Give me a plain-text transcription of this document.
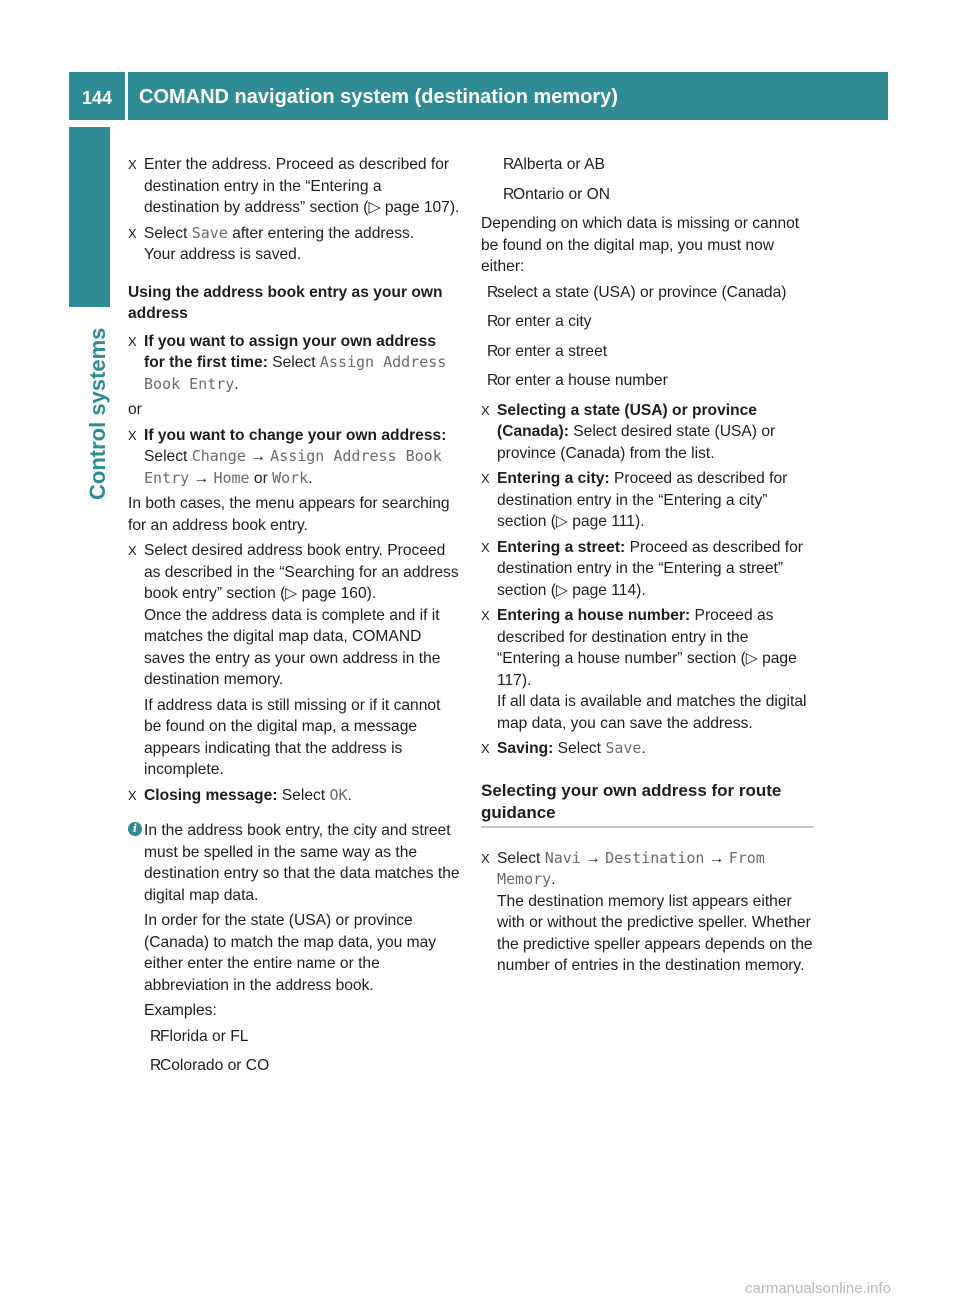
144	COMAND navigation system (destination memory)
Control systems
X Enter the address. Proceed as described for destination entry in the “Entering a destination by address” section (▷ page 107).
X Select Save after entering the address.
Your address is saved.

Using the address book entry as your own address

X If you want to assign your own address for the first time: Select Assign Address Book Entry.

or

X If you want to change your own address: Select Change → Assign Address Book Entry → Home or Work.

In both cases, the menu appears for searching for an address book entry.

X Select desired address book entry. Proceed as described in the “Searching for an address book entry” section (▷ page 160).
Once the address data is complete and if it matches the digital map data, COMAND saves the entry as your own address in the destination memory.

If address data is still missing or if it cannot be found on the digital map, a message appears indicating that the address is incomplete.

X Closing message: Select OK.
i In the address book entry, the city and street must be spelled in the same way as the destination entry so that the data matches the digital map data.

In order for the state (USA) or province (Canada) to match the map data, you may either enter the entire name or the abbreviation in the address book.

Examples:

R
Florida or FL
R
Colorado or CO
R
Alberta or AB
R
Ontario or ON

Depending on which data is missing or cannot be found on the digital map, you must now either:

R
select a state (USA) or province (Canada)
R
or enter a city
R
or enter a street
R
or enter a house number
X Selecting a state (USA) or province (Canada): Select desired state (USA) or province (Canada) from the list.
X Entering a city: Proceed as described for destination entry in the “Entering a city” section (▷ page 111).
X Entering a street: Proceed as described for destination entry in the “Entering a street” section (▷ page 114).
X Entering a house number: Proceed as described for destination entry in the “Entering a house number” section (▷ page 117).
If all data is available and matches the digital map data, you can save the address.
X Saving: Select Save.
Selecting your own address for route guidance
X Select Navi → Destination → From Memory.
The destination memory list appears either with or without the predictive speller. Whether the predictive speller appears depends on the number of entries in the destination memory.
carmanualsonline.info
